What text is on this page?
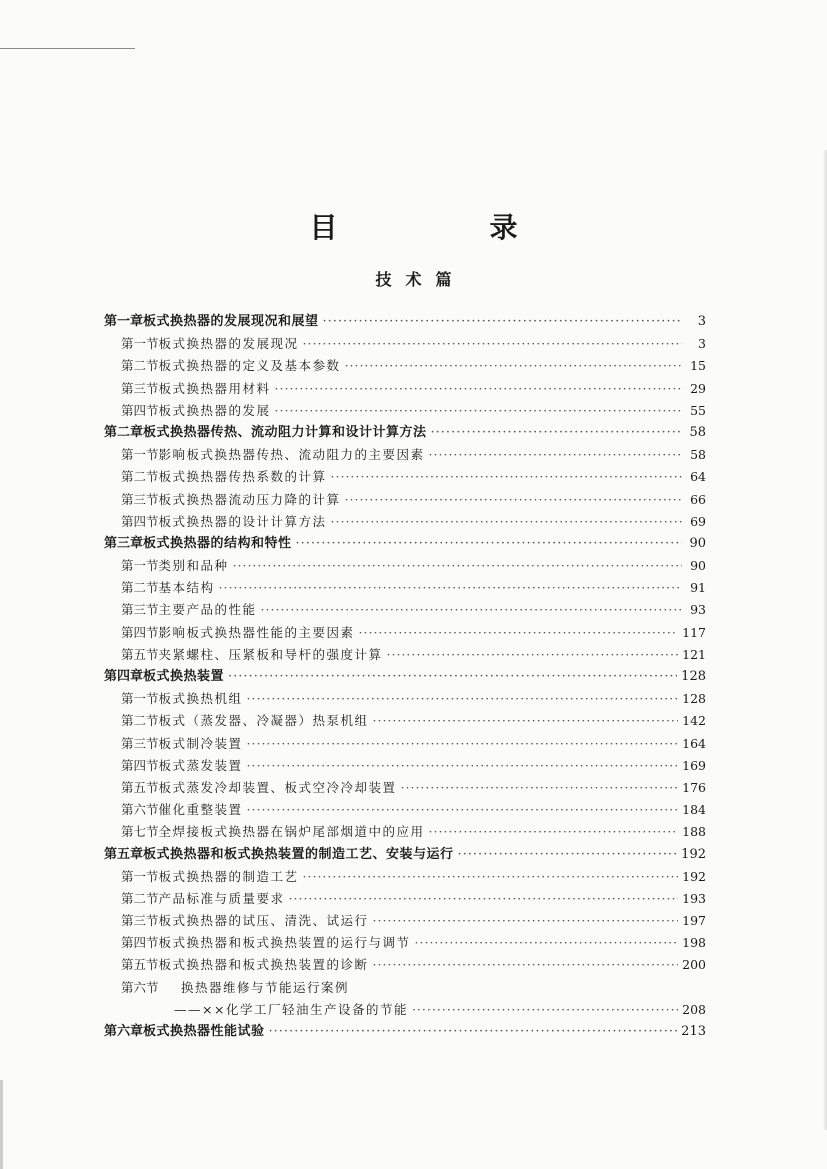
目　录
技术篇
第一章 板式换热器的发展现况和展望 ·····	3
第一节 板式换热器的发展现况 ·····	3
第二节 板式换热器的定义及基本参数 ·····	15
第三节 板式换热器用材料 ·····	29
第四节 板式换热器的发展 ·····	55
第二章 板式换热器传热、流动阻力计算和设计计算方法 ·····	58
第一节 影响板式换热器传热、流动阻力的主要因素 ·····	58
第二节 板式换热器传热系数的计算 ·····	64
第三节 板式换热器流动压力降的计算 ·····	66
第四节 板式换热器的设计计算方法 ·····	69
第三章 板式换热器的结构和特性 ·····	90
第一节 类别和品种 ·····	90
第二节 基本结构 ·····	91
第三节 主要产品的性能 ·····	93
第四节 影响板式换热器性能的主要因素 ·····	117
第五节 夹紧螺柱、压紧板和导杆的强度计算 ·····	121
第四章 板式换热装置 ·····	128
第一节 板式换热机组 ·····	128
第二节 板式（蒸发器、冷凝器）热泵机组 ·····	142
第三节 板式制冷装置 ·····	164
第四节 板式蒸发装置 ·····	169
第五节 板式蒸发冷却装置、板式空冷冷却装置 ·····	176
第六节 催化重整装置 ·····	184
第七节 全焊接板式换热器在锅炉尾部烟道中的应用 ·····	188
第五章 板式换热器和板式换热装置的制造工艺、安装与运行 ·····	192
第一节 板式换热器的制造工艺 ·····	192
第二节 产品标准与质量要求 ·····	193
第三节 板式换热器的试压、清洗、试运行 ·····	197
第四节 板式换热器和板式换热装置的运行与调节 ·····	198
第五节 板式换热器和板式换热装置的诊断 ·····	200
第六节	换热器维修与节能运行案例
——××化学工厂轻油生产设备的节能 ·····	208
第六章 板式换热器性能试验 ·····	213
